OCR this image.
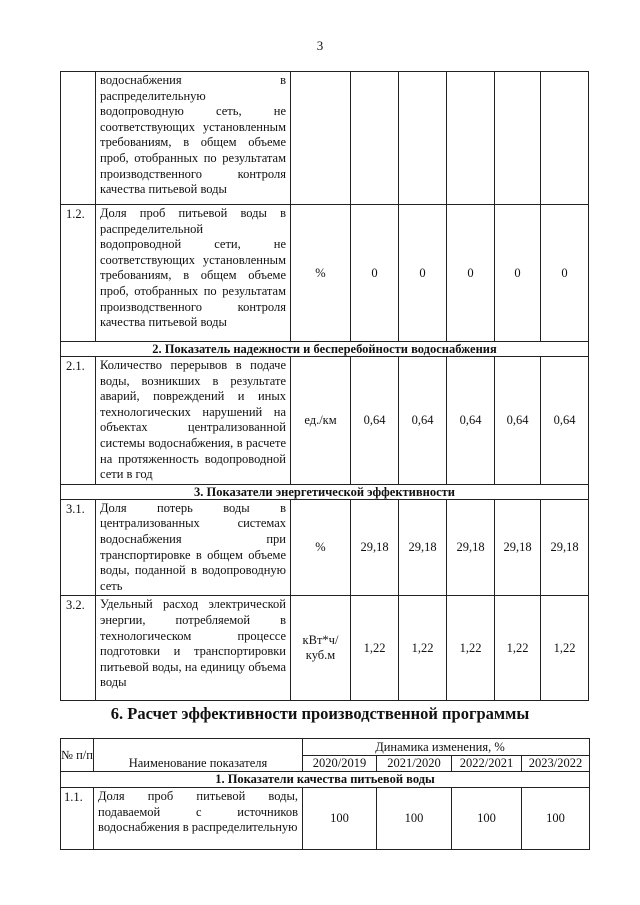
3
	водоснабжения в распределительную водопроводную сеть, не соответствующих установленным требованиям, в общем объеме проб, отобранных по результатам производственного контроля качества питьевой воды						
1.2.	Доля проб питьевой воды в распределительной водопроводной сети, не соответствующих установленным требованиям, в общем объеме проб, отобранных по результатам производственного контроля качества питьевой воды	%	0	0	0	0	0
2. Показатель надежности и бесперебойности водоснабжения							
2.1.	Количество перерывов в подаче воды, возникших в результате аварий, повреждений и иных технологических нарушений на объектах централизованной системы водоснабжения, в расчете на протяженность водопроводной сети в год	ед./км	0,64	0,64	0,64	0,64	0,64
3. Показатели энергетической эффективности							
3.1.	Доля потерь воды в централизованных системах водоснабжения при транспортировке в общем объеме воды, поданной в водопроводную сеть	%	29,18	29,18	29,18	29,18	29,18
3.2.	Удельный расход электрической энергии, потребляемой в технологическом процессе подготовки и транспортировки питьевой воды, на единицу объема воды	кВт*ч/ куб.м	1,22	1,22	1,22	1,22	1,22
6. Расчет эффективности производственной программы
№ п/п	Наименование показателя	Динамика изменения, %			
		2020/2019	2021/2020	2022/2021	2023/2022
1. Показатели качества питьевой воды					
1.1.	Доля проб питьевой воды, подаваемой с источников водоснабжения в распределительную	100	100	100	100
